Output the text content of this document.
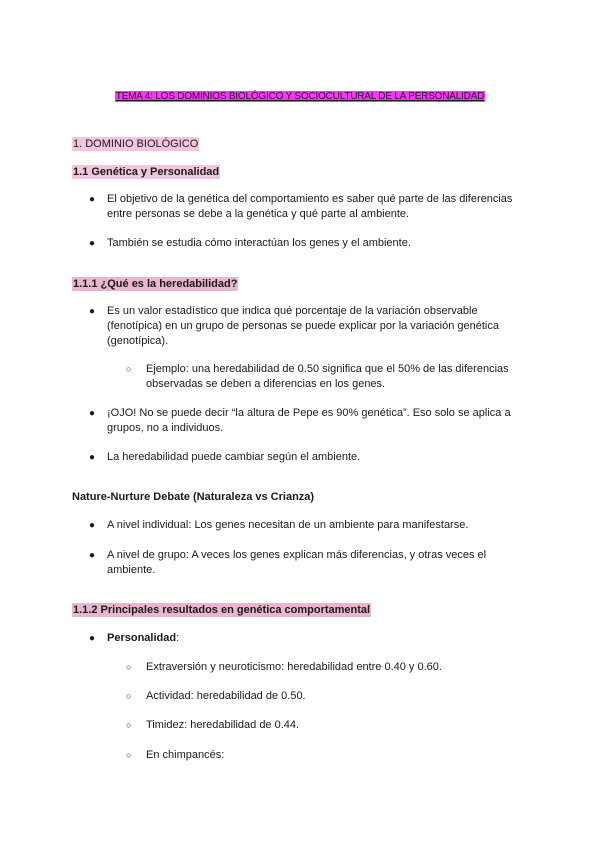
TEMA 4: LOS DOMINIOS BIOLÓGICO Y SOCIOCULTURAL DE LA PERSONALIDAD
1. DOMINIO BIOLÓGICO
1.1 Genética y Personalidad
● El objetivo de la genética del comportamiento es saber qué parte de las diferencias entre personas se debe a la genética y qué parte al ambiente.
● También se estudia cómo interactúan los genes y el ambiente.
1.1.1 ¿Qué es la heredabilidad?
● Es un valor estadístico que indica qué porcentaje de la variación observable (fenotípica) en un grupo de personas se puede explicar por la variación genética (genotípica).
○ Ejemplo: una heredabilidad de 0.50 significa que el 50% de las diferencias observadas se deben a diferencias en los genes.
● ¡OJO! No se puede decir “la altura de Pepe es 90% genética”. Eso solo se aplica a grupos, no a individuos.
● La heredabilidad puede cambiar según el ambiente.
Nature-Nurture Debate (Naturaleza vs Crianza)
● A nivel individual: Los genes necesitan de un ambiente para manifestarse.
● A nivel de grupo: A veces los genes explican más diferencias, y otras veces el ambiente.
1.1.2 Principales resultados en genética comportamental
● Personalidad:
○ Extraversión y neuroticismo: heredabilidad entre 0.40 y 0.60.
○ Actividad: heredabilidad de 0.50.
○ Timidez: heredabilidad de 0.44.
○ En chimpancés:
